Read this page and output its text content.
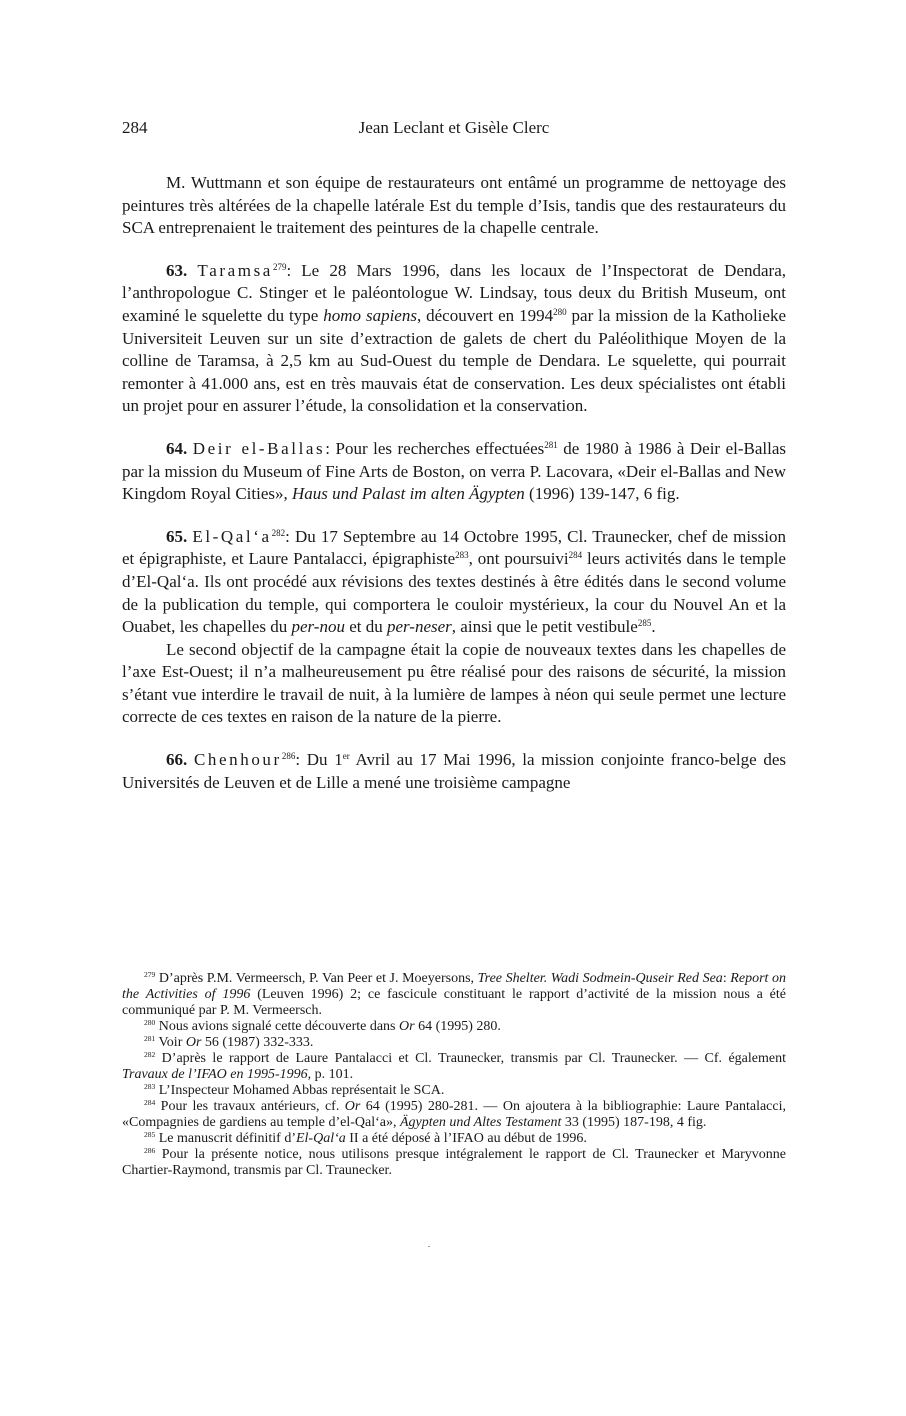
284	Jean Leclant et Gisèle Clerc

M. Wuttmann et son équipe de restaurateurs ont entâmé un programme de nettoyage des peintures très altérées de la chapelle latérale Est du temple d’Isis, tandis que des restaurateurs du SCA entreprenaient le traitement des peintures de la chapelle centrale.

63. Taramsa$^{279}$: Le 28 Mars 1996, dans les locaux de l’Inspectorat de Dendara, l’anthropologue C. Stinger et le paléontologue W. Lindsay, tous deux du British Museum, ont examiné le squelette du type homo sapiens, découvert en 1994$^{280}$ par la mission de la Katholieke Universiteit Leuven sur un site d’extraction de galets de chert du Paléolithique Moyen de la colline de Taramsa, à 2,5 km au Sud-Ouest du temple de Dendara. Le squelette, qui pourrait remonter à 41.000 ans, est en très mauvais état de conservation. Les deux spécialistes ont établi un projet pour en assurer l’étude, la consolidation et la conservation.

64. Deir el-Ballas: Pour les recherches effectuées$^{281}$ de 1980 à 1986 à Deir el-Ballas par la mission du Museum of Fine Arts de Boston, on verra P. Lacovara, «Deir el-Ballas and New Kingdom Royal Cities», Haus und Palast im alten Ägypten (1996) 139-147, 6 fig.

65. $El-Qal‘a^{282}$: Du 17 Septembre au 14 Octobre 1995, Cl. Traunecker, chef de mission et épigraphiste, et Laure Pantalacci, épigraphiste$^{283}$, ont poursuivi$^{284}$ leurs activités dans le temple d’El-Qal‘a. Ils ont procédé aux révisions des textes destinés à être édités dans le second volume de la publication du temple, qui comportera le couloir mystérieux, la cour du Nouvel An et la Ouabet, les chapelles du per-nou et du per-neser, ainsi que le petit vestibule$^{285}$.

Le second objectif de la campagne était la copie de nouveaux textes dans les chapelles de l’axe Est-Ouest; il n’a malheureusement pu être réalisé pour des raisons de sécurité, la mission s’étant vue interdire le travail de nuit, à la lumière de lampes à néon qui seule permet une lecture correcte de ces textes en raison de la nature de la pierre.

66. Chenhour$^{286}$: Du 1er Avril au 17 Mai 1996, la mission conjointe franco-belge des Universités de Leuven et de Lille a mené une troisième campagne

$^{279}$ D’après P.M. Vermeersch, P. Van Peer et J. Moeyersons, Tree Shelter. Wadi Sodmein-Quseir Red Sea: Report on the Activities of 1996 (Leuven 1996) 2; ce fascicule constituant le rapport d’activité de la mission nous a été communiqué par P. M. Vermeersch.

$^{280}$ Nous avions signalé cette découverte dans Or 64 (1995) 280.

$^{281}$ Voir Or 56 (1987) 332-333.

$^{282}$ D’après le rapport de Laure Pantalacci et Cl. Traunecker, transmis par Cl. Traunecker. — Cf. également Travaux de l’IFAO en 1995-1996, p. 101.

$^{283}$ L’Inspecteur Mohamed Abbas représentait le SCA.

$^{284}$ Pour les travaux antérieurs, cf. Or 64 (1995) 280-281. — On ajoutera à la bibliographie: Laure Pantalacci, «Compagnies de gardiens au temple d’el-Qal‘a», Ägypten und Altes Testament 33 (1995) 187-198, 4 fig.

$^{285}$ Le manuscrit définitif d’El-Qal‘a II a été déposé à l’IFAO au début de 1996.

$^{286}$ Pour la présente notice, nous utilisons presque intégralement le rapport de Cl. Traunecker et Maryvonne Chartier-Raymond, transmis par Cl. Traunecker.
